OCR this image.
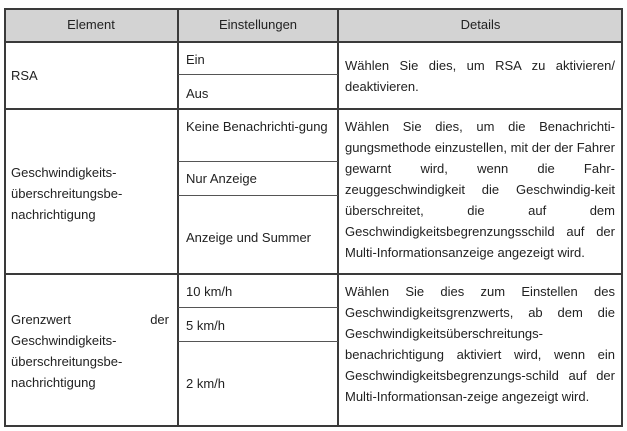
Element	Einstellungen	Details
RSA
Ein
Aus
Wählen Sie dies, um RSA zu aktivieren/ deaktivieren.
Geschwindigkeits-überschreitungsbe-nachrichtigung
Keine Benachrichti-gung
Nur Anzeige
Anzeige und Summer
Wählen Sie dies, um die Benachrichti-gungsmethode einzustellen, mit der der Fahrer gewarnt wird, wenn die Fahr-zeuggeschwindigkeit die Geschwindig-keit überschreitet, die auf dem Geschwindigkeitsbegrenzungsschild auf der Multi-Informationsanzeige angezeigt wird.
Grenzwert der Geschwindigkeits-überschreitungsbe-nachrichtigung
10 km/h
5 km/h
2 km/h
Wählen Sie dies zum Einstellen des Geschwindigkeitsgrenzwerts, ab dem die Geschwindigkeitsüberschreitungs-benachrichtigung aktiviert wird, wenn ein Geschwindigkeitsbegrenzungs-schild auf der Multi-Informationsan-zeige angezeigt wird.
